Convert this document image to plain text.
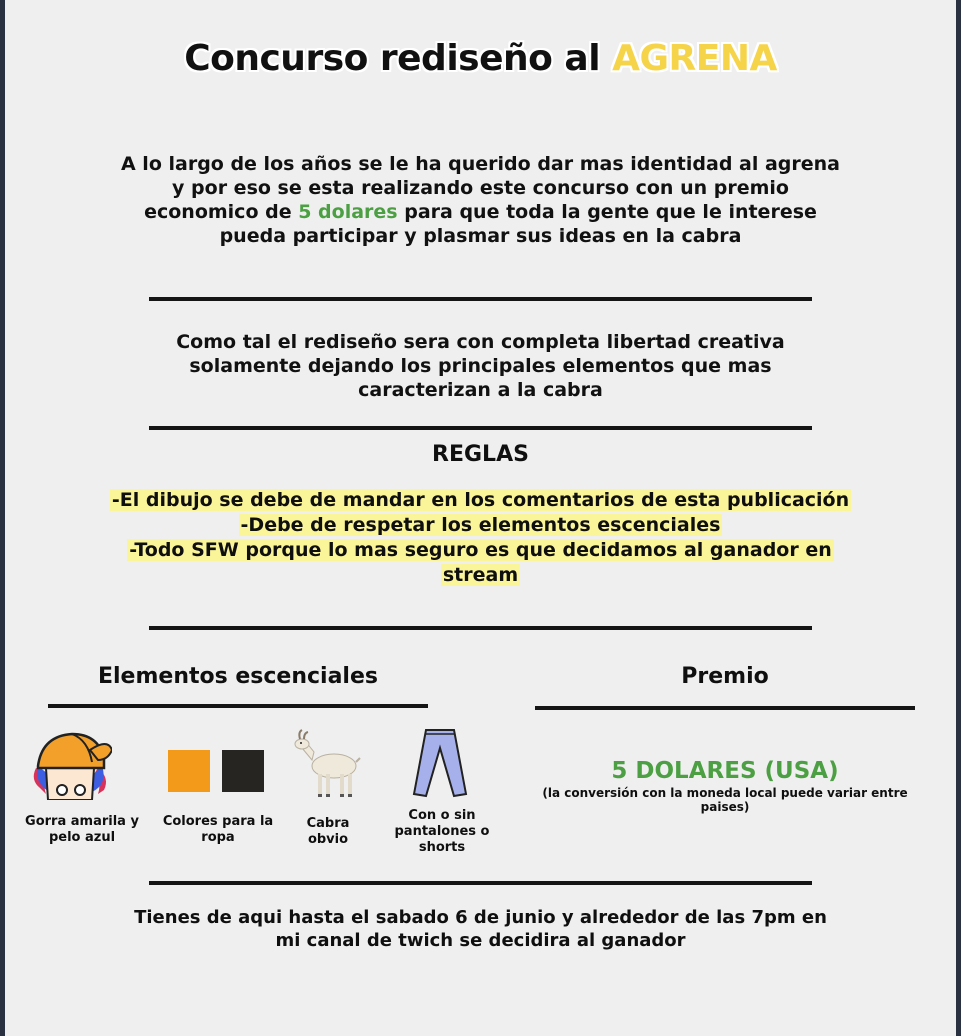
Concurso rediseño al AGRENA
A lo largo de los años se le ha querido dar mas identidad al agrena y por eso se esta realizando este concurso con un premio economico de 5 dolares para que toda la gente que le interese pueda participar y plasmar sus ideas en la cabra
Como tal el rediseño sera con completa libertad creativa solamente dejando los principales elementos que mas caracterizan a la cabra
REGLAS
-El dibujo se debe de mandar en los comentarios de esta publicación
-Debe de respetar los elementos escenciales
-Todo SFW porque lo mas seguro es que decidamos al ganador en stream
Elementos escenciales
Gorra amarila y pelo azul
Colores para la ropa
Cabra obvio
Con o sin pantalones o shorts
Premio
5 DOLARES (USA)
(la conversión con la moneda local puede variar entre paises)
Tienes de aqui hasta el sabado 6 de junio y alrededor de las 7pm en mi canal de twich se decidira al ganador
